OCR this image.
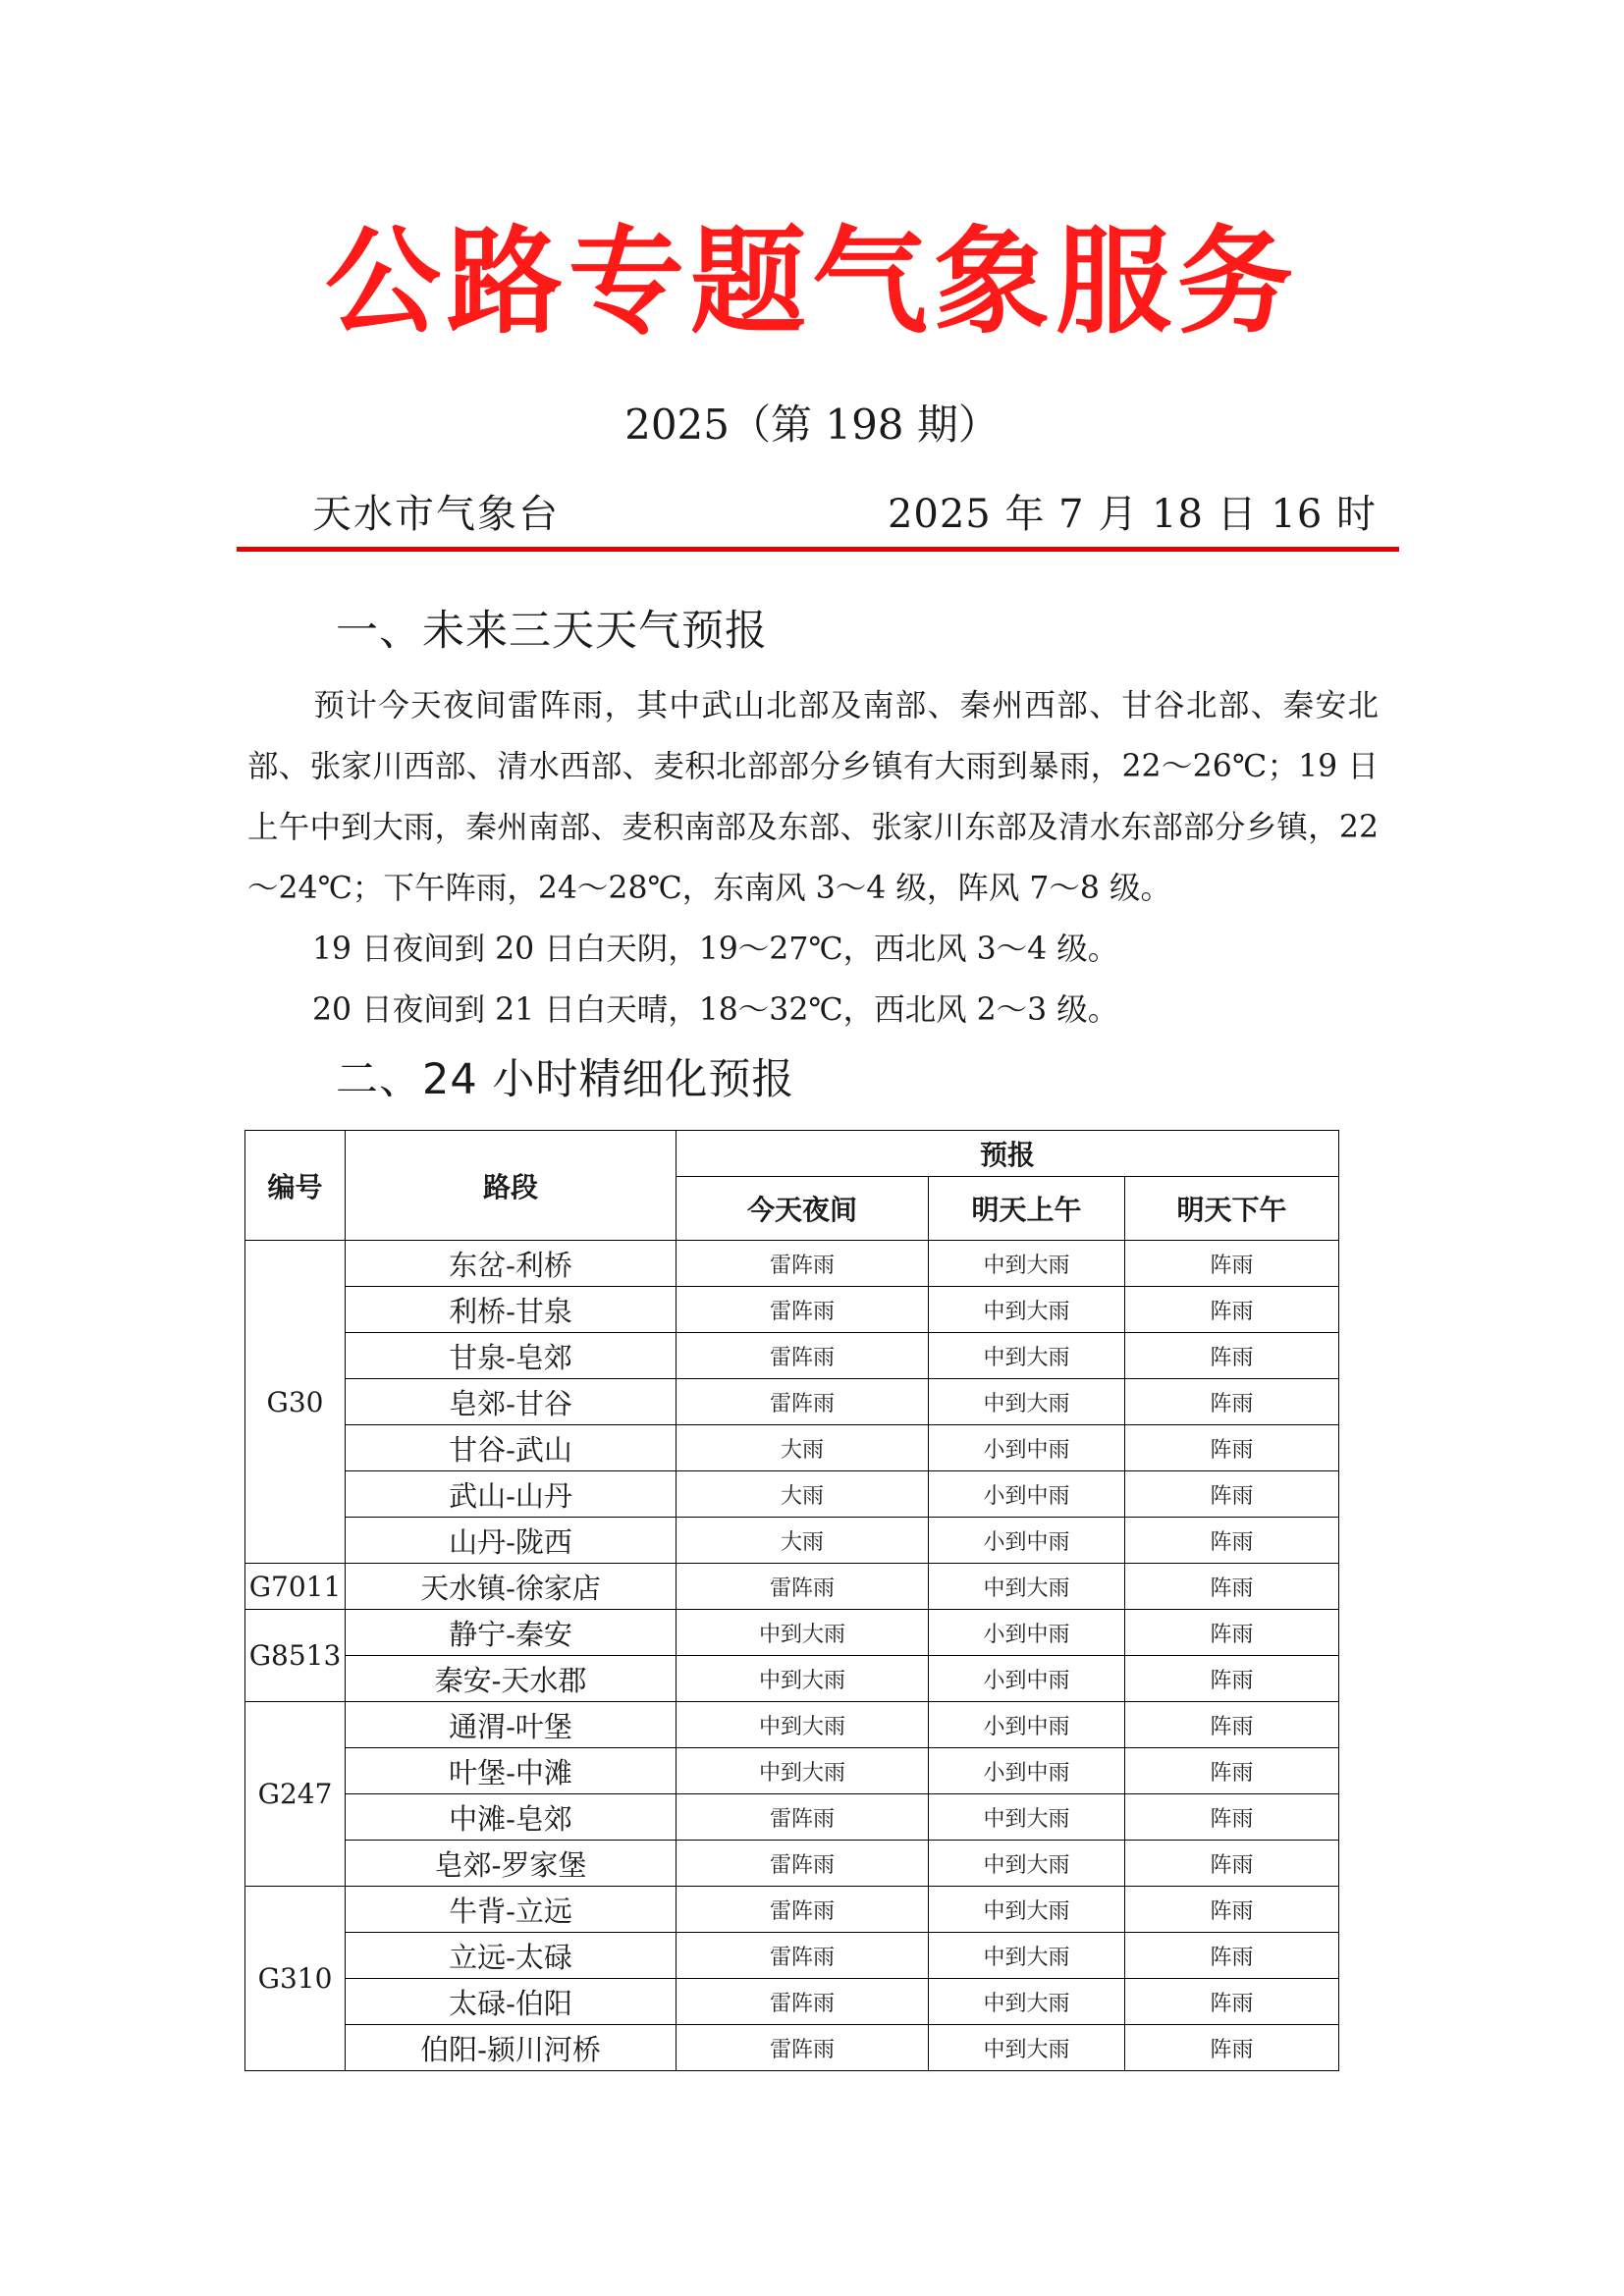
公路专题气象服务
2025（第 198 期）
天水市气象台	2025 年 7 月 18 日 16 时
一、未来三天天气预报
预计今天夜间雷阵雨，其中武山北部及南部、秦州西部、甘谷北部、秦安北部、张家川西部、清水西部、麦积北部部分乡镇有大雨到暴雨，22～26℃；19 日上午中到大雨，秦州南部、麦积南部及东部、张家川东部及清水东部部分乡镇，22～24℃；下午阵雨，24～28℃，东南风 3～4 级，阵风 7～8 级。
19 日夜间到 20 日白天阴，19～27℃，西北风 3～4 级。
20 日夜间到 21 日白天晴，18～32℃，西北风 2～3 级。
二、24 小时精细化预报
编号	路段	预报		
		今天夜间	明天上午	明天下午
G30	东岔-利桥	雷阵雨	中到大雨	阵雨
	利桥-甘泉	雷阵雨	中到大雨	阵雨
	甘泉-皂郊	雷阵雨	中到大雨	阵雨
	皂郊-甘谷	雷阵雨	中到大雨	阵雨
	甘谷-武山	大雨	小到中雨	阵雨
	武山-山丹	大雨	小到中雨	阵雨
	山丹-陇西	大雨	小到中雨	阵雨
G7011	天水镇-徐家店	雷阵雨	中到大雨	阵雨
G8513	静宁-秦安	中到大雨	小到中雨	阵雨
	秦安-天水郡	中到大雨	小到中雨	阵雨
G247	通渭-叶堡	中到大雨	小到中雨	阵雨
	叶堡-中滩	中到大雨	小到中雨	阵雨
	中滩-皂郊	雷阵雨	中到大雨	阵雨
	皂郊-罗家堡	雷阵雨	中到大雨	阵雨
G310	牛背-立远	雷阵雨	中到大雨	阵雨
	立远-太碌	雷阵雨	中到大雨	阵雨
	太碌-伯阳	雷阵雨	中到大雨	阵雨
	伯阳-颍川河桥	雷阵雨	中到大雨	阵雨
